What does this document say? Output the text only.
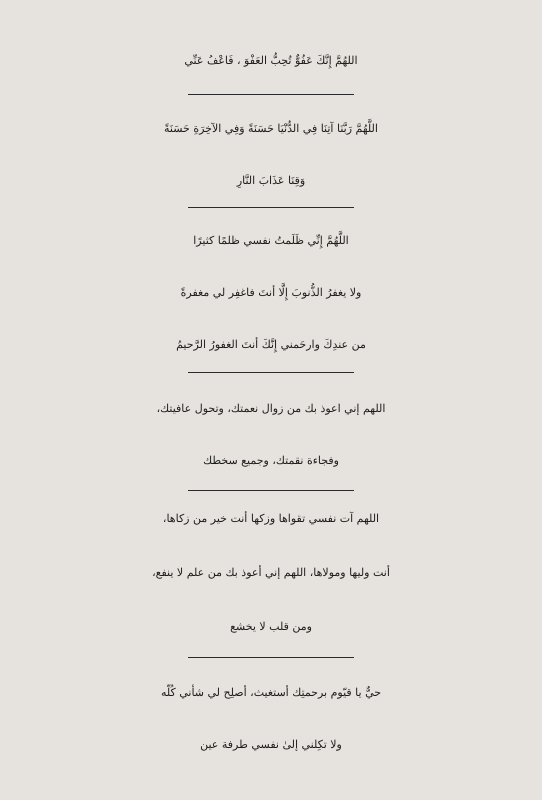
اللهُمَّ إِنَّكَ عَفُوٌّ تُحِبُّ العَفْوَ ، فَاعْفُ عَنِّي
اللَّهُمَّ رَبَّنَا آتِنَا فِي الدُّنْيَا حَسَنَةً وَفِي الآخِرَةِ حَسَنَةً
وَقِنَا عَذَابَ النَّارِ
اللَّهُمَّ إِنِّي ظَلَمتُ نفسي ظلمًا كثيرًا
ولا يغفرُ الذُّنوبَ إِلَّا أنتَ فاغفِر لي مغفرةً
من عندِكَ وارحَمني إِنَّكَ أنتَ الغفورُ الرَّحيمُ
اللهم إني اعوذ بك من زوال نعمتك، وتحول عافيتك،
وفجاءة نقمتك، وجميع سخطك
اللهم آت نفسي تقواها وزكها أنت خير من زكاها،
أنت وليها ومولاها، اللهم إني أعوذ بك من علم لا ينفع،
ومن قلب لا يخشع
حيٌّ يا قيّوم برحمتِك أستغيث، أصلِح لي شأني كُلّه
ولا تكِلني إلىٰ نفسي طرفة عين
